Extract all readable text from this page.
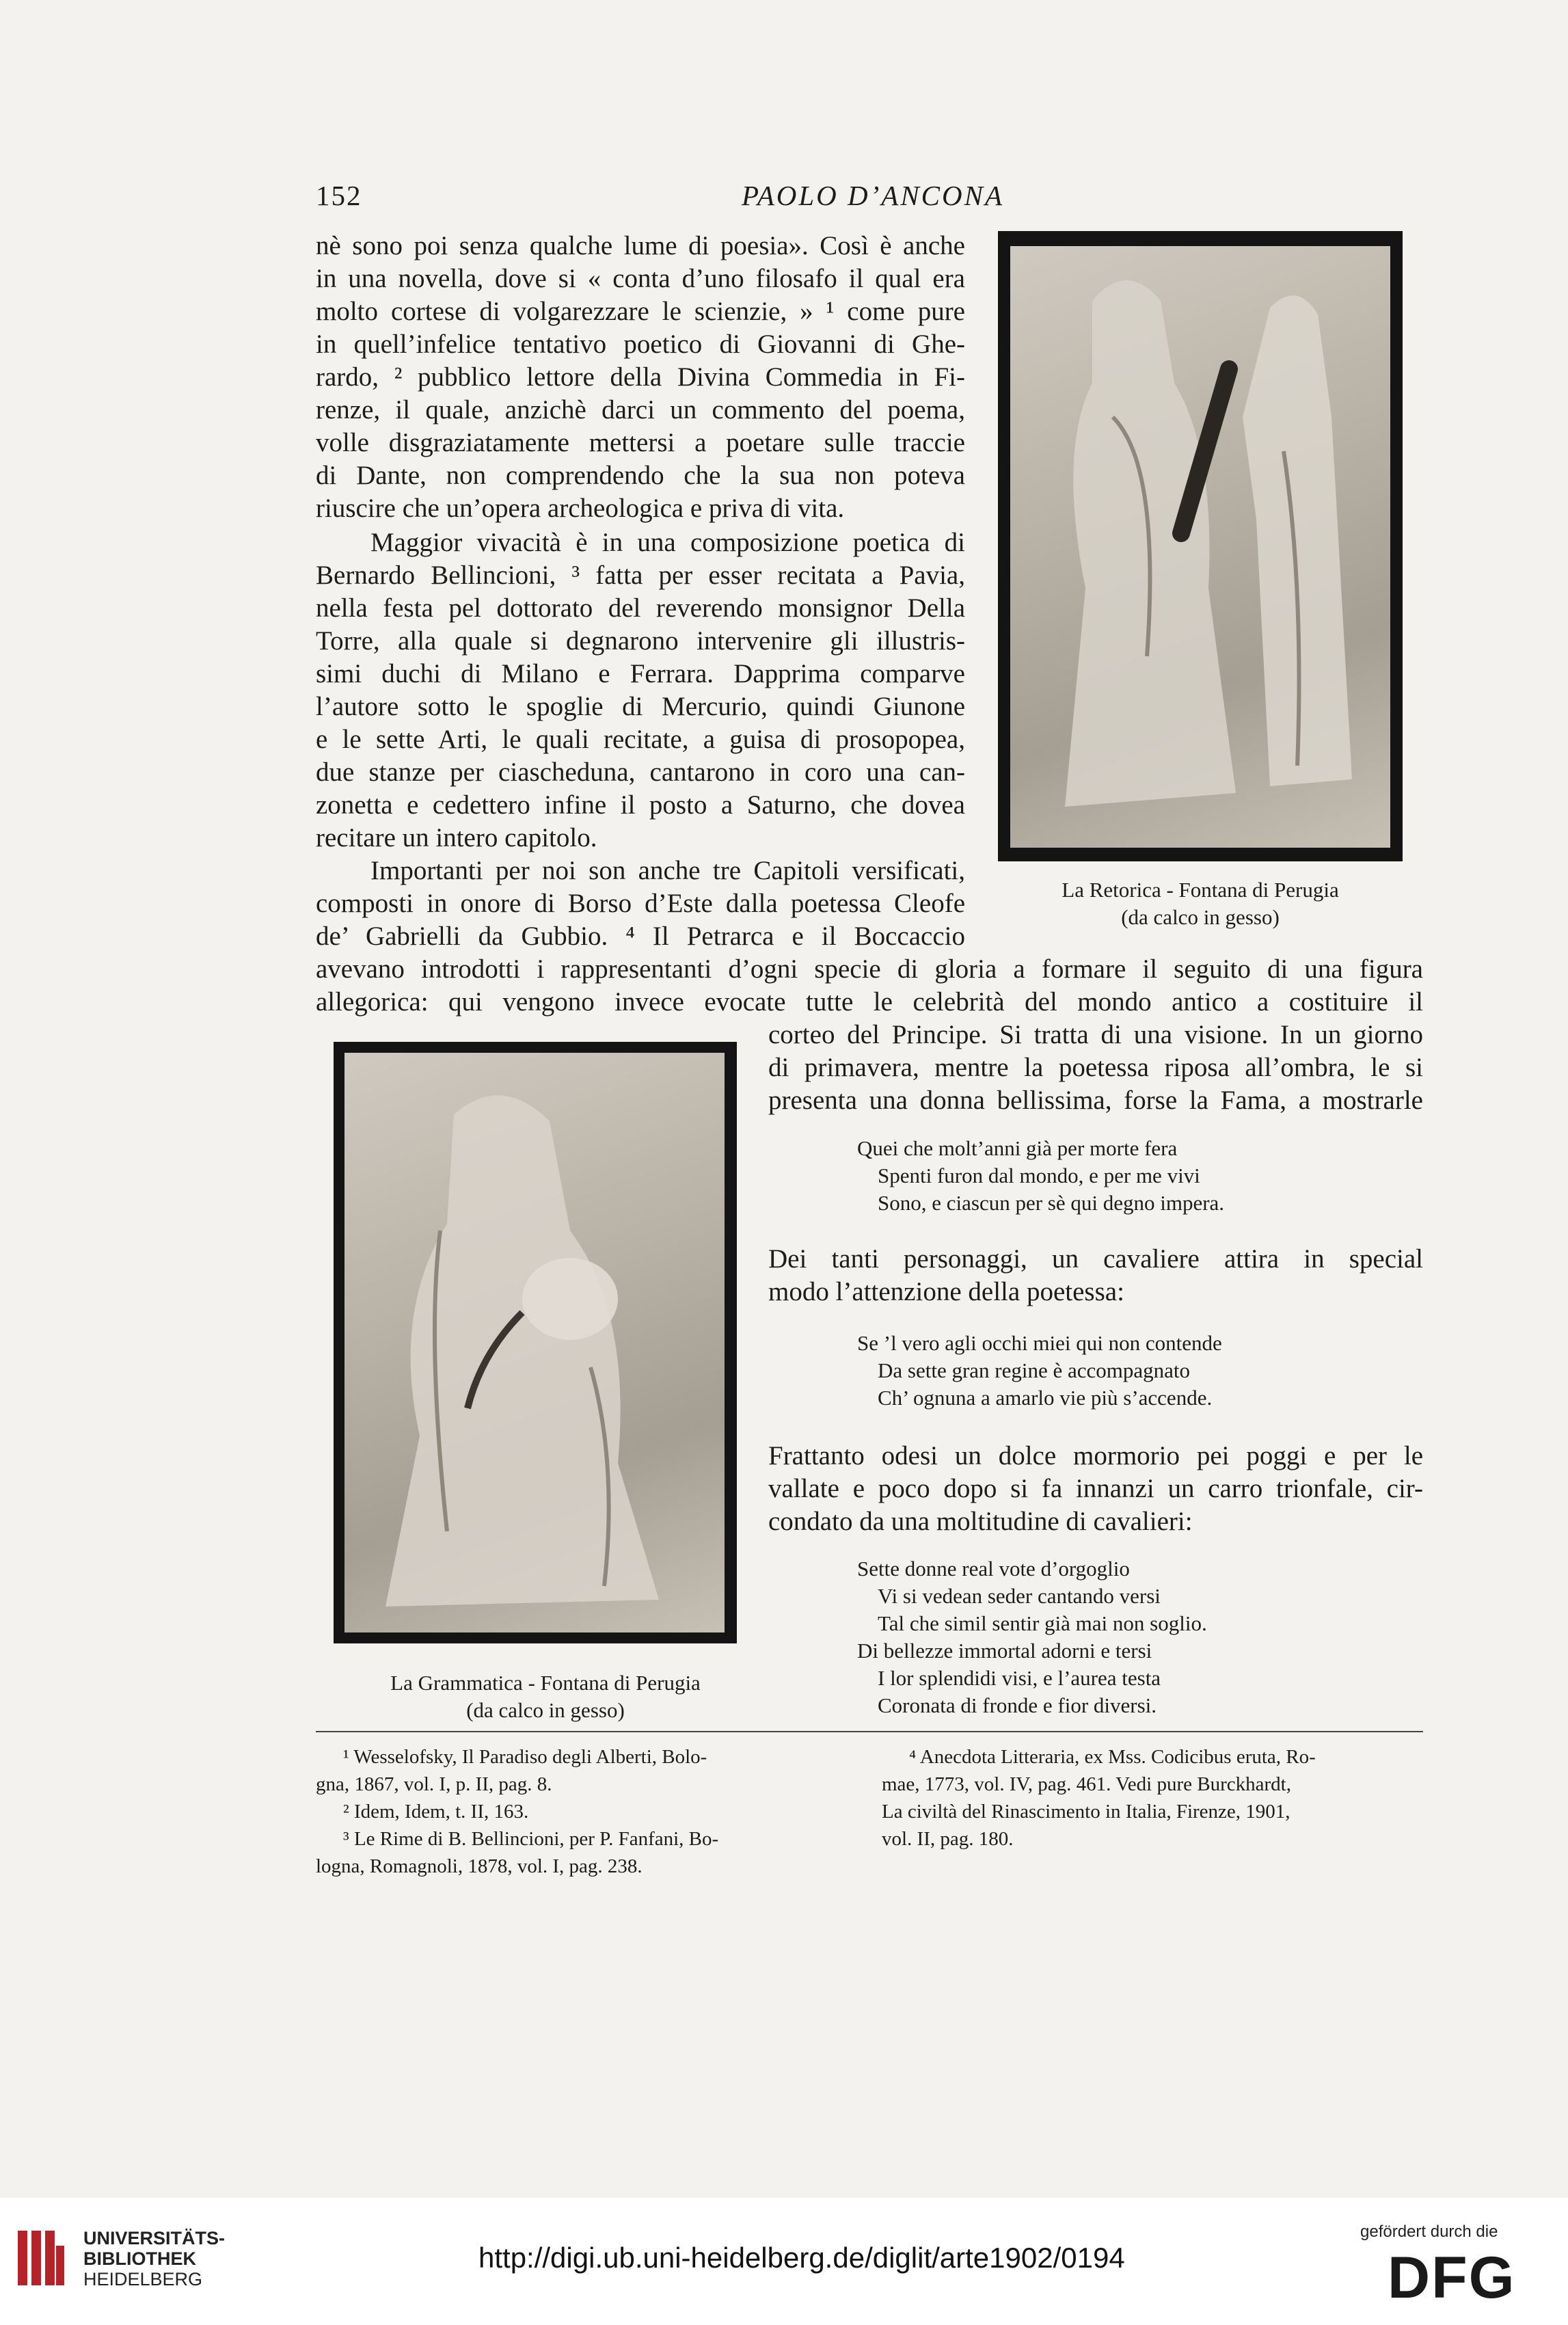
152	PAOLO D’ANCONA
nè sono poi senza qualche lume di poesia». Così è anche
in una novella, dove si « conta d’uno filosafo il qual era
molto cortese di volgarezzare le scienzie, » ¹ come pure
in quell’infelice tentativo poetico di Giovanni di Ghe-
rardo, ² pubblico lettore della Divina Commedia in Fi-
renze, il quale, anzichè darci un commento del poema,
volle disgraziatamente mettersi a poetare sulle traccie
di Dante, non comprendendo che la sua non poteva
riuscire che un’opera archeologica e priva di vita.
Maggior vivacità è in una composizione poetica di
Bernardo Bellincioni, ³ fatta per esser recitata a Pavia,
nella festa pel dottorato del reverendo monsignor Della
Torre, alla quale si degnarono intervenire gli illustris-
simi duchi di Milano e Ferrara. Dapprima comparve
l’autore sotto le spoglie di Mercurio, quindi Giunone
e le sette Arti, le quali recitate, a guisa di prosopopea,
due stanze per ciascheduna, cantarono in coro una can-
zonetta e cedettero infine il posto a Saturno, che dovea
recitare un intero capitolo.
Importanti per noi son anche tre Capitoli versificati,
composti in onore di Borso d’Este dalla poetessa Cleofe
de’ Gabrielli da Gubbio. ⁴ Il Petrarca e il Boccaccio
avevano introdotti i rappresentanti d’ogni specie di gloria a formare il seguito di una figura
allegorica: qui vengono invece evocate tutte le celebrità del mondo antico a costituire il
corteo del Principe. Si tratta di una visione. In un giorno
di primavera, mentre la poetessa riposa all’ombra, le si
presenta una donna bellissima, forse la Fama, a mostrarle
Quei che molt’anni già per morte fera
Spenti furon dal mondo, e per me vivi
Sono, e ciascun per sè qui degno impera.
Dei tanti personaggi, un cavaliere attira in special
modo l’attenzione della poetessa:
Se ’l vero agli occhi miei qui non contende
Da sette gran regine è accompagnato
Ch’ ognuna a amarlo vie più s’accende.
Frattanto odesi un dolce mormorio pei poggi e per le
vallate e poco dopo si fa innanzi un carro trionfale, cir-
condato da una moltitudine di cavalieri:
Sette donne real vote d’orgoglio
Vi si vedean seder cantando versi
Tal che simil sentir già mai non soglio.
Di bellezze immortal adorni e tersi
I lor splendidi visi, e l’aurea testa
Coronata di fronde e fior diversi.
La Retorica - Fontana di Perugia
(da calco in gesso)
La Grammatica - Fontana di Perugia
(da calco in gesso)
¹ Wesselofsky, Il Paradiso degli Alberti, Bolo-
gna, 1867, vol. I, p. II, pag. 8.
² Idem, Idem, t. II, 163.
³ Le Rime di B. Bellincioni, per P. Fanfani, Bo-
logna, Romagnoli, 1878, vol. I, pag. 238.
⁴ Anecdota Litteraria, ex Mss. Codicibus eruta, Ro-
mae, 1773, vol. IV, pag. 461. Vedi pure Burckhardt,
La civiltà del Rinascimento in Italia, Firenze, 1901,
vol. II, pag. 180.
UNIVERSITÄTS-
BIBLIOTHEK
HEIDELBERG
http://digi.ub.uni-heidelberg.de/diglit/arte1902/0194
gefördert durch die
DFG
